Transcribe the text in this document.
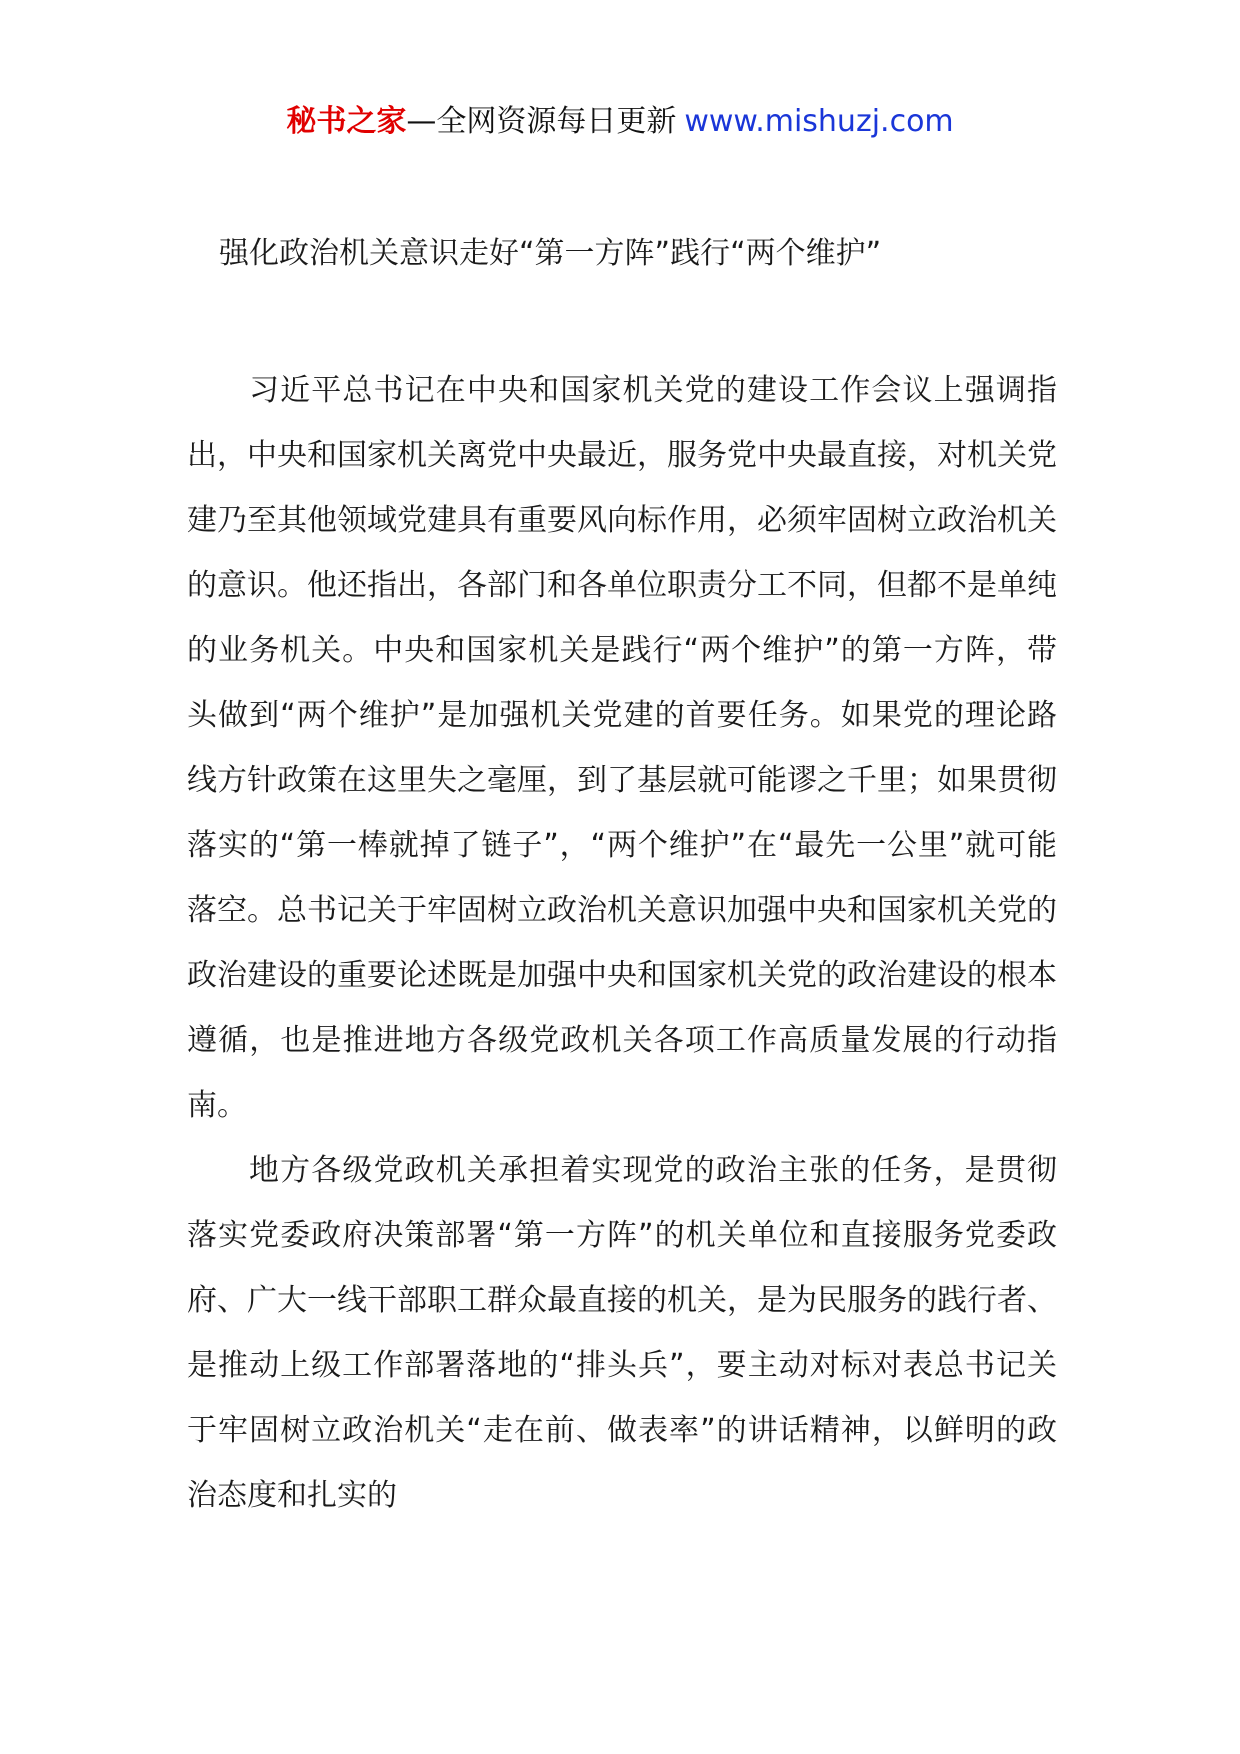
秘书之家—全网资源每日更新 www.mishuzj.com
强化政治机关意识走好“第一方阵”践行“两个维护”

习近平总书记在中央和国家机关党的建设工作会议上强调指出，中央和国家机关离党中央最近，服务党中央最直接，对机关党建乃至其他领域党建具有重要风向标作用，必须牢固树立政治机关的意识。他还指出，各部门和各单位职责分工不同，但都不是单纯的业务机关。中央和国家机关是践行“两个维护”的第一方阵，带头做到“两个维护”是加强机关党建的首要任务。如果党的理论路线方针政策在这里失之毫厘，到了基层就可能谬之千里；如果贯彻落实的“第一棒就掉了链子”，“两个维护”在“最先一公里”就可能落空。总书记关于牢固树立政治机关意识加强中央和国家机关党的政治建设的重要论述既是加强中央和国家机关党的政治建设的根本遵循，也是推进地方各级党政机关各项工作高质量发展的行动指南。

地方各级党政机关承担着实现党的政治主张的任务，是贯彻落实党委政府决策部署“第一方阵”的机关单位和直接服务党委政府、广大一线干部职工群众最直接的机关，是为民服务的践行者、是推动上级工作部署落地的“排头兵”，要主动对标对表总书记关于牢固树立政治机关“走在前、做表率”的讲话精神，以鲜明的政治态度和扎实的
